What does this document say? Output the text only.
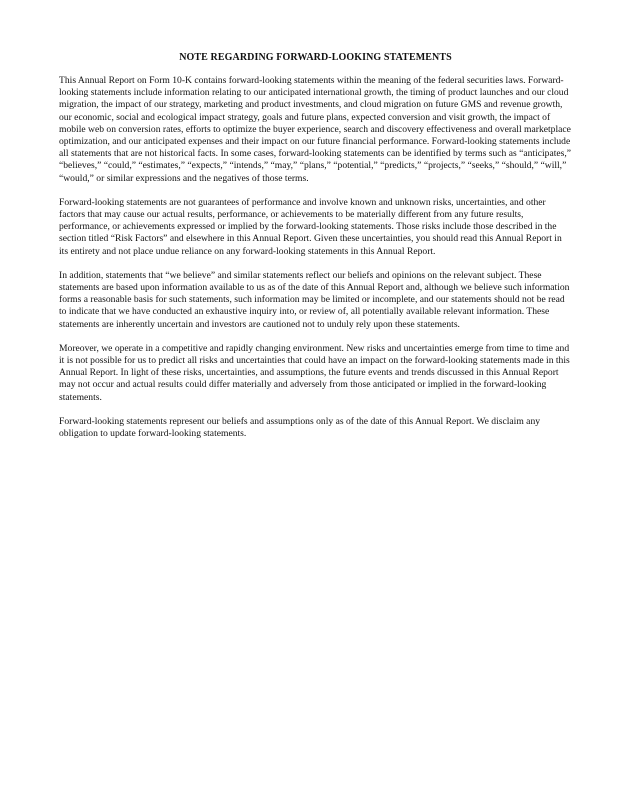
NOTE REGARDING FORWARD-LOOKING STATEMENTS

This Annual Report on Form 10-K contains forward-looking statements within the meaning of the federal securities laws. Forward-looking statements include information relating to our anticipated international growth, the timing of product launches and our cloud migration, the impact of our strategy, marketing and product investments, and cloud migration on future GMS and revenue growth, our economic, social and ecological impact strategy, goals and future plans, expected conversion and visit growth, the impact of mobile web on conversion rates, efforts to optimize the buyer experience, search and discovery effectiveness and overall marketplace optimization, and our anticipated expenses and their impact on our future financial performance. Forward-looking statements include all statements that are not historical facts. In some cases, forward-looking statements can be identified by terms such as “anticipates,” “believes,” “could,” “estimates,” “expects,” “intends,” “may,” “plans,” “potential,” “predicts,” “projects,” “seeks,” “should,” “will,” “would,” or similar expressions and the negatives of those terms.

Forward-looking statements are not guarantees of performance and involve known and unknown risks, uncertainties, and other factors that may cause our actual results, performance, or achievements to be materially different from any future results, performance, or achievements expressed or implied by the forward-looking statements. Those risks include those described in the section titled “Risk Factors” and elsewhere in this Annual Report. Given these uncertainties, you should read this Annual Report in its entirety and not place undue reliance on any forward-looking statements in this Annual Report.

In addition, statements that “we believe” and similar statements reflect our beliefs and opinions on the relevant subject. These statements are based upon information available to us as of the date of this Annual Report and, although we believe such information forms a reasonable basis for such statements, such information may be limited or incomplete, and our statements should not be read to indicate that we have conducted an exhaustive inquiry into, or review of, all potentially available relevant information. These statements are inherently uncertain and investors are cautioned not to unduly rely upon these statements.

Moreover, we operate in a competitive and rapidly changing environment. New risks and uncertainties emerge from time to time and it is not possible for us to predict all risks and uncertainties that could have an impact on the forward-looking statements made in this Annual Report. In light of these risks, uncertainties, and assumptions, the future events and trends discussed in this Annual Report may not occur and actual results could differ materially and adversely from those anticipated or implied in the forward-looking statements.

Forward-looking statements represent our beliefs and assumptions only as of the date of this Annual Report. We disclaim any obligation to update forward-looking statements.
